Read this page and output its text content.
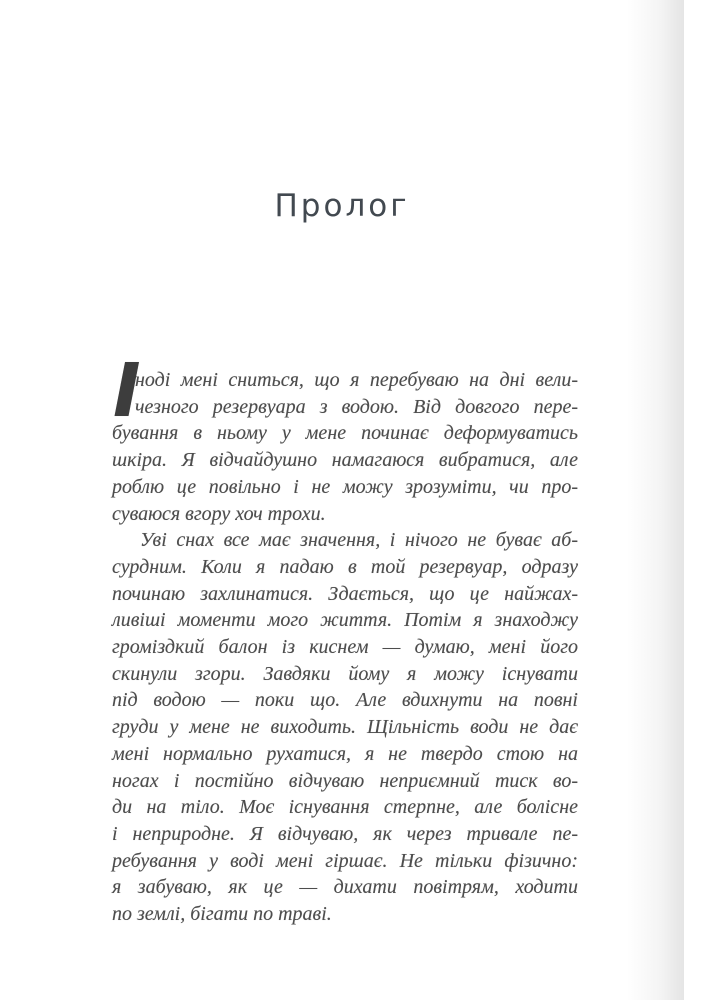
Пролог
І
ноді мені сниться, що я перебуваю на дні вели-
чезного резервуара з водою. Від довгого пере-
бування в ньому у мене починає деформуватись
шкіра. Я відчайдушно намагаюся вибратися, але
роблю це повільно і не можу зрозуміти, чи про-
суваюся вгору хоч трохи.
Уві снах все має значення, і нічого не буває аб-
сурдним. Коли я падаю в той резервуар, одразу
починаю захлинатися. Здається, що це найжах-
ливіші моменти мого життя. Потім я знаходжу
громіздкий балон із киснем — думаю, мені його
скинули згори. Завдяки йому я можу існувати
під водою — поки що. Але вдихнути на повні
груди у мене не виходить. Щільність води не дає
мені нормально рухатися, я не твердо стою на
ногах і постійно відчуваю неприємний тиск во-
ди на тіло. Моє існування стерпне, але болісне
і неприродне. Я відчуваю, як через тривале пе-
ребування у воді мені гіршає. Не тільки фізично:
я забуваю, як це — дихати повітрям, ходити
по землі, бігати по траві.
